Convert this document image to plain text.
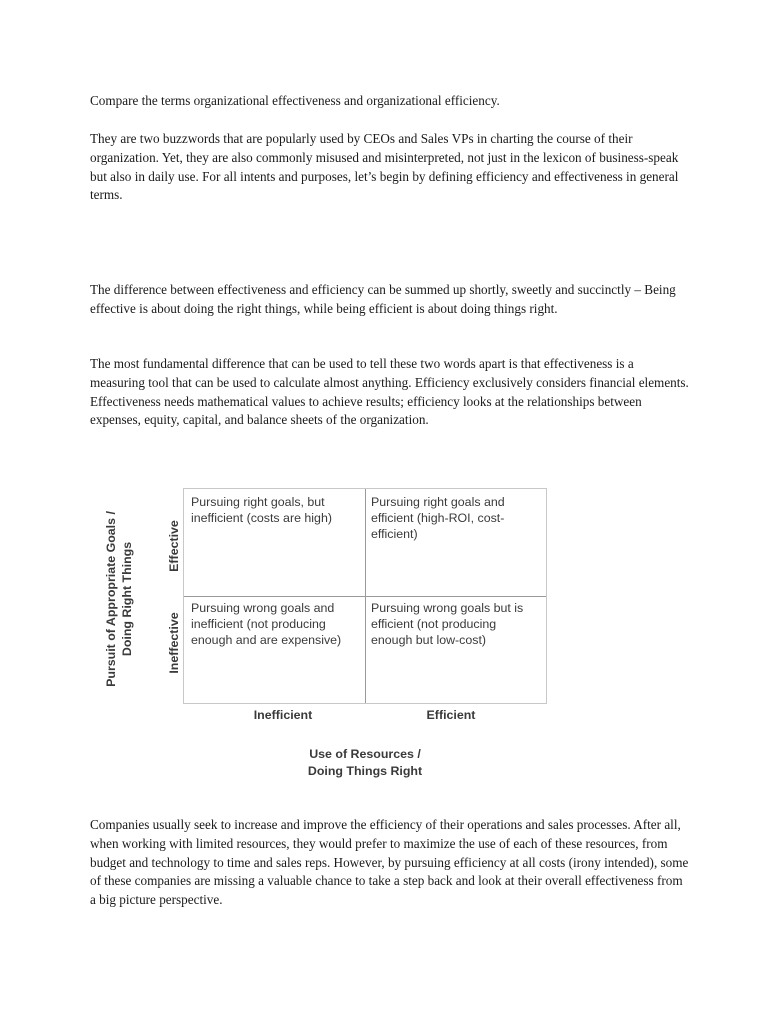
Compare the terms organizational effectiveness and organizational efficiency.

They are two buzzwords that are popularly used by CEOs and Sales VPs in charting the course of their organization. Yet, they are also commonly misused and misinterpreted, not just in the lexicon of business-speak but also in daily use. For all intents and purposes, let’s begin by defining efficiency and effectiveness in general terms.

The difference between effectiveness and efficiency can be summed up shortly, sweetly and succinctly – Being effective is about doing the right things, while being efficient is about doing things right.

The most fundamental difference that can be used to tell these two words apart is that effectiveness is a measuring tool that can be used to calculate almost anything. Efficiency exclusively considers financial elements. Effectiveness needs mathematical values to achieve results; efficiency looks at the relationships between expenses, equity, capital, and balance sheets of the organization.

Pursuit of Appropriate Goals / Doing Right Things	Effective
Ineffective
Pursuing right goals, but inefficient (costs are high)
Pursuing right goals and efficient (high-ROI, cost-efficient)
Pursuing wrong goals and inefficient (not producing enough and are expensive)
Pursuing wrong goals but is efficient (not producing enough but low-cost)
Inefficient	Efficient
Use of Resources /
Doing Things Right

Companies usually seek to increase and improve the efficiency of their operations and sales processes. After all, when working with limited resources, they would prefer to maximize the use of each of these resources, from budget and technology to time and sales reps. However, by pursuing efficiency at all costs (irony intended), some of these companies are missing a valuable chance to take a step back and look at their overall effectiveness from a big picture perspective.
